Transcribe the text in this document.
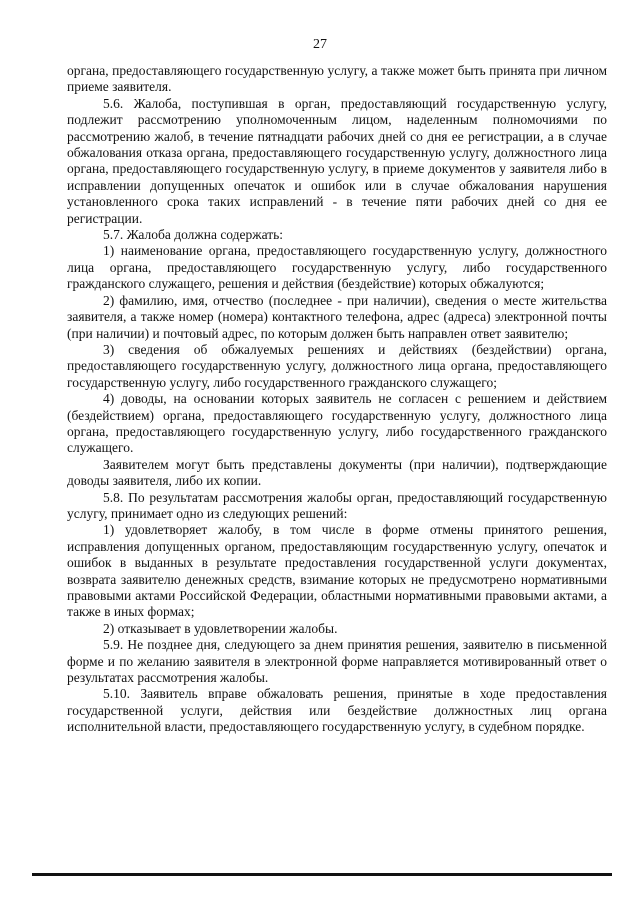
27

органа, предоставляющего государственную услугу, а также может быть принята при личном приеме заявителя.

5.6. Жалоба, поступившая в орган, предоставляющий государственную услугу, подлежит рассмотрению уполномоченным лицом, наделенным полномочиями по рассмотрению жалоб, в течение пятнадцати рабочих дней со дня ее регистрации, а в случае обжалования отказа органа, предоставляющего государственную услугу, должностного лица органа, предоставляющего государственную услугу, в приеме документов у заявителя либо в исправлении допущенных опечаток и ошибок или в случае обжалования нарушения установленного срока таких исправлений - в течение пяти рабочих дней со дня ее регистрации.

5.7. Жалоба должна содержать:

1) наименование органа, предоставляющего государственную услугу, должностного лица органа, предоставляющего государственную услугу, либо государственного гражданского служащего, решения и действия (бездействие) которых обжалуются;

2) фамилию, имя, отчество (последнее - при наличии), сведения о месте жительства заявителя, а также номер (номера) контактного телефона, адрес (адреса) электронной почты (при наличии) и почтовый адрес, по которым должен быть направлен ответ заявителю;

3) сведения об обжалуемых решениях и действиях (бездействии) органа, предоставляющего государственную услугу, должностного лица органа, предоставляющего государственную услугу, либо государственного гражданского служащего;

4) доводы, на основании которых заявитель не согласен с решением и действием (бездействием) органа, предоставляющего государственную услугу, должностного лица органа, предоставляющего государственную услугу, либо государственного гражданского служащего.

Заявителем могут быть представлены документы (при наличии), подтверждающие доводы заявителя, либо их копии.

5.8. По результатам рассмотрения жалобы орган, предоставляющий государственную услугу, принимает одно из следующих решений:

1) удовлетворяет жалобу, в том числе в форме отмены принятого решения, исправления допущенных органом, предоставляющим государственную услугу, опечаток и ошибок в выданных в результате предоставления государственной услуги документах, возврата заявителю денежных средств, взимание которых не предусмотрено нормативными правовыми актами Российской Федерации, областными нормативными правовыми актами, а также в иных формах;

2) отказывает в удовлетворении жалобы.

5.9. Не позднее дня, следующего за днем принятия решения, заявителю в письменной форме и по желанию заявителя в электронной форме направляется мотивированный ответ о результатах рассмотрения жалобы.

5.10. Заявитель вправе обжаловать решения, принятые в ходе предоставления государственной услуги, действия или бездействие должностных лиц органа исполнительной власти, предоставляющего государственную услугу, в судебном порядке.
